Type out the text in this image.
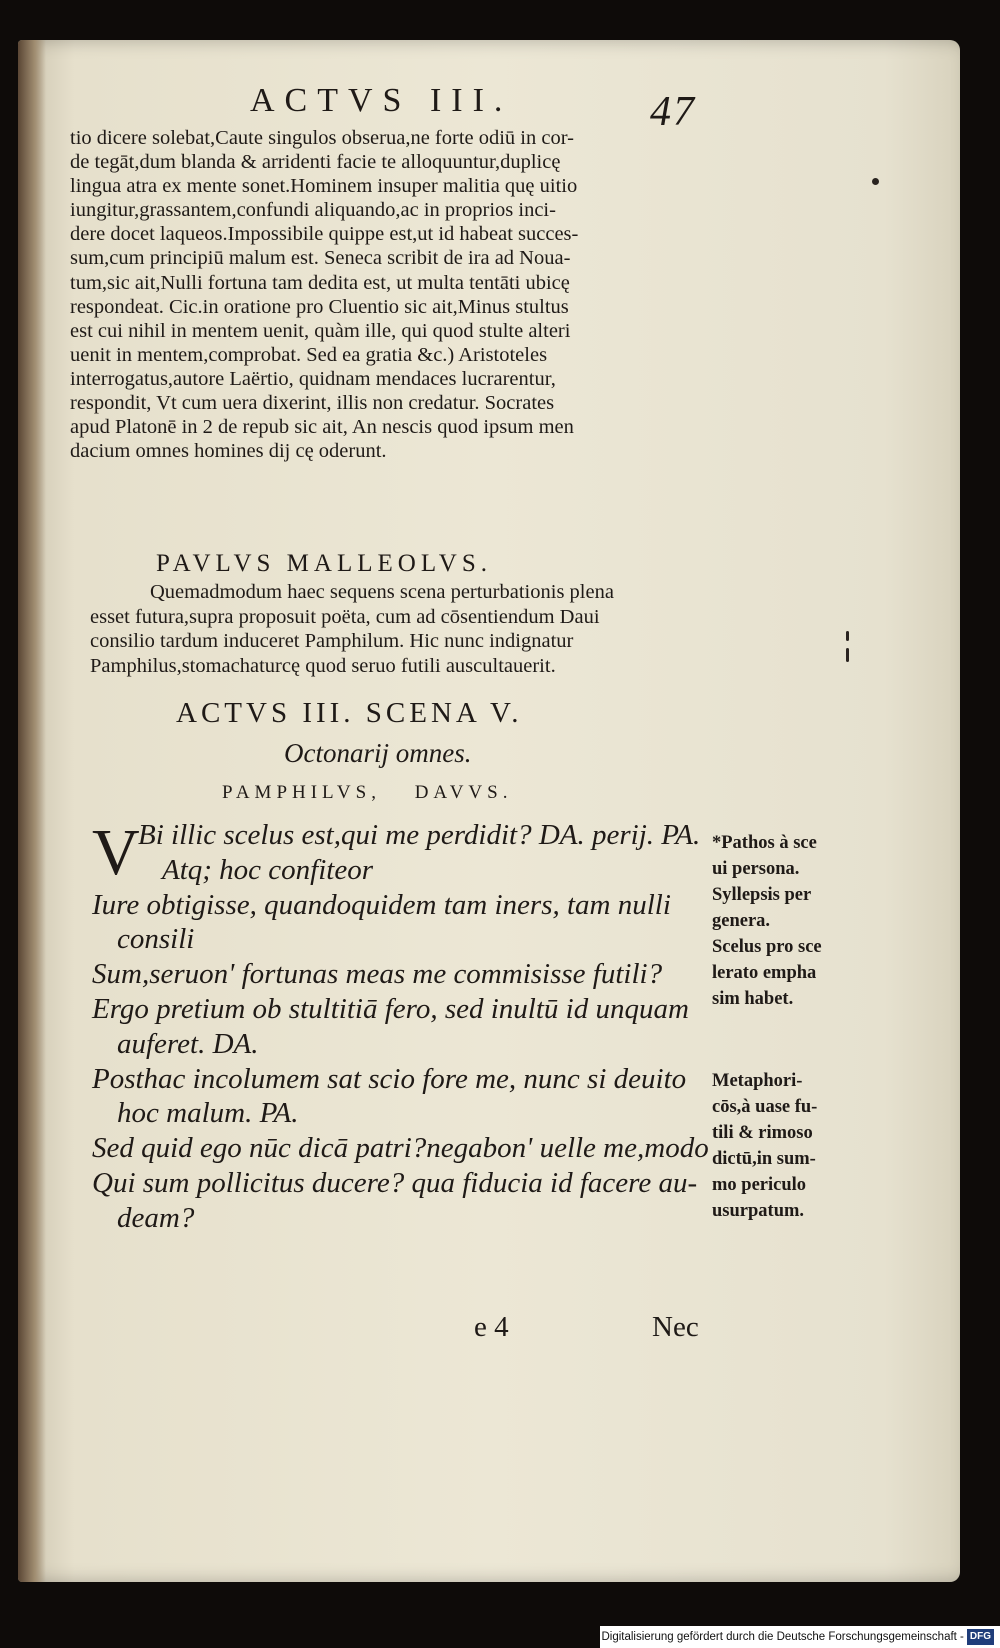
ACTVS III.	47

tio dicere solebat,Caute singulos obserua,ne forte odiū in cor-

de tegāt,dum blanda & arridenti facie te alloquuntur,duplicę

lingua atra ex mente sonet.Hominem insuper malitia quę uitio

iungitur,grassantem,confundi aliquando,ac in proprios inci-

dere docet laqueos.Impossibile quippe est,ut id habeat succes-

sum,cum principiū malum est. Seneca scribit de ira ad Noua-

tum,sic ait,Nulli fortuna tam dedita est, ut multa tentāti ubicę

respondeat. Cic.in oratione pro Cluentio sic ait,Minus stultus

est cui nihil in mentem uenit, quàm ille, qui quod stulte alteri

uenit in mentem,comprobat. Sed ea gratia &c.) Aristoteles

interrogatus,autore Laërtio, quidnam mendaces lucrarentur,

respondit, Vt cum uera dixerint, illis non credatur. Socrates

apud Platonē in 2 de repub sic ait, An nescis quod ipsum men

dacium omnes homines dij cę oderunt.

PAVLVS MALLEOLVS.

Quemadmodum haec sequens scena perturbationis plena

esset futura,supra proposuit poëta, cum ad cōsentiendum Daui

consilio tardum induceret Pamphilum. Hic nunc indignatur

Pamphilus,stomachaturcę quod seruo futili auscultauerit.

ACTVS III. SCENA V.
Octonarij omnes.
PAMPHILVS, DAVVS.
V
Bi illic scelus est,qui me perdidit? DA. perij. PA.
Atq; hoc confiteor
Iure obtigisse, quandoquidem tam iners, tam nulli
consili
Sum,seruon' fortunas meas me commisisse futili?
Ergo pretium ob stultitiā fero, sed inultū id unquam
auferet. DA.
Posthac incolumem sat scio fore me, nunc si deuito
hoc malum. PA.
Sed quid ego nūc dicā patri?negabon' uelle me,modo
Qui sum pollicitus ducere? qua fiducia id facere au-
deam?

*Pathos à sce

ui persona.

Syllepsis per

genera.

Scelus pro sce

lerato empha

sim habet.

Metaphori-

cōs,à uase fu-

tili & rimoso

dictū,in sum-

mo periculo

usurpatum.

e 4	Nec
Digitalisierung gefördert durch die Deutsche Forschungsgemeinschaft - DFG
